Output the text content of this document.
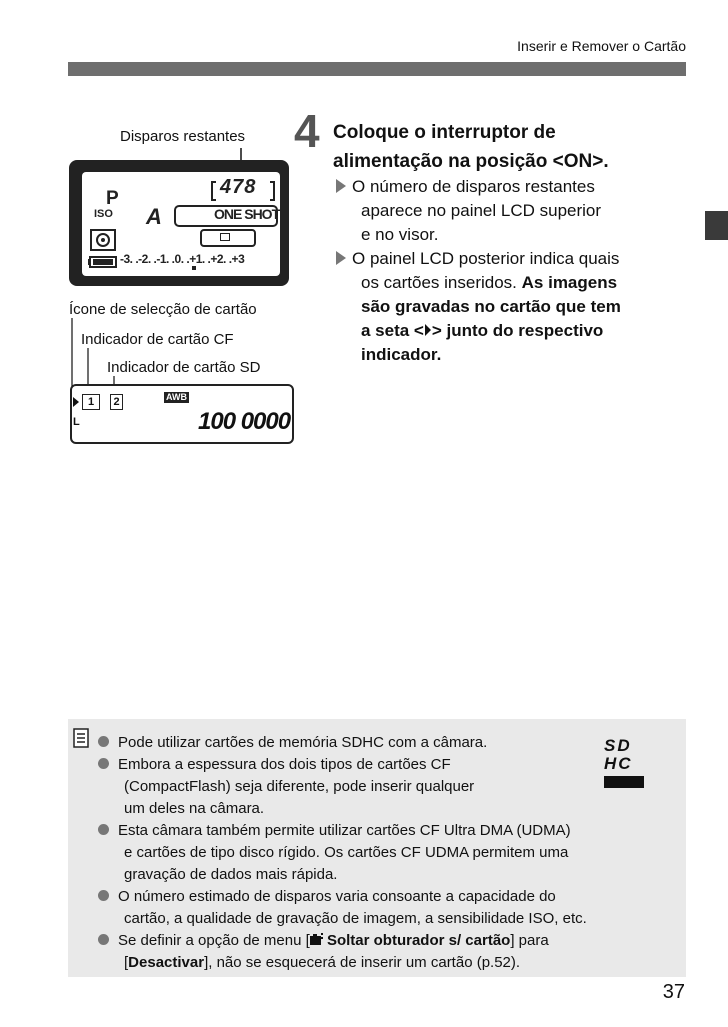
Inserir e Remover o Cartão
4 Coloque o interruptor de
alimentação na posição <ON>.
O número de disparos restantes
aparece no painel LCD superior
e no visor.
O painel LCD posterior indica quais
os cartões inseridos. As imagens
são gravadas no cartão que tem
a seta < > junto do respectivo
indicador.
Disparos restantes
P
ISO A
478
ONE SHOT
-3. .-2. .-1. .0. .+1. .+2. .+3
Ícone de selecção de cartão
Indicador de cartão CF
Indicador de cartão SD
1	2	AWB
L	100 0000
SD HC
Pode utilizar cartões de memória SDHC com a câmara.
Embora a espessura dos dois tipos de cartões CF
(CompactFlash) seja diferente, pode inserir qualquer
um deles na câmara.
Esta câmara também permite utilizar cartões CF Ultra DMA (UDMA)
e cartões de tipo disco rígido. Os cartões CF UDMA permitem uma
gravação de dados mais rápida.
O número estimado de disparos varia consoante a capacidade do
cartão, a qualidade de gravação de imagem, a sensibilidade ISO, etc.
Se definir a opção de menu [ Soltar obturador s/ cartão] para
[Desactivar], não se esquecerá de inserir um cartão (p.52).
37
